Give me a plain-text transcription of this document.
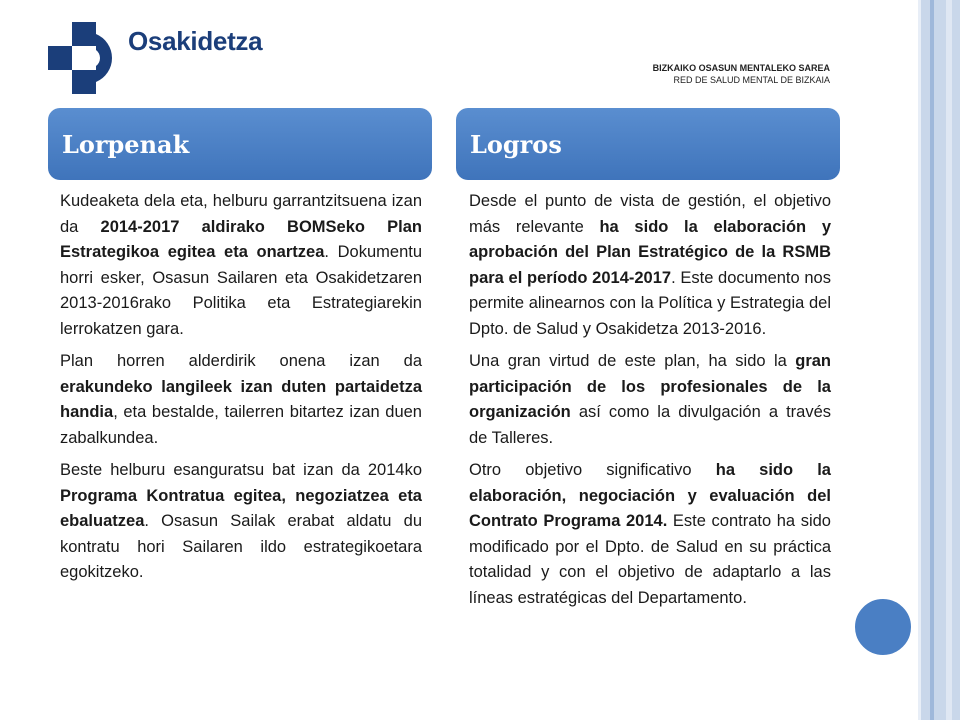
Osakidetza
BIZKAIKO OSASUN MENTALEKO SAREA
RED DE SALUD MENTAL DE BIZKAIA
Lorpenak	Logros

Kudeaketa dela eta, helburu garrantzitsuena izan da 2014-2017 aldirako BOMSeko Plan Estrategikoa egitea eta onartzea. Dokumentu horri esker, Osasun Sailaren eta Osakidetzaren 2013-2016rako Politika eta Estrategiarekin lerrokatzen gara.

Plan horren alderdirik onena izan da erakundeko langileek izan duten partaidetza handia, eta bestalde, tailerren bitartez izan duen zabalkundea.

Beste helburu esanguratsu bat izan da 2014ko Programa Kontratua egitea, negoziatzea eta ebaluatzea. Osasun Sailak erabat aldatu du kontratu hori Sailaren ildo estrategikoetara egokitzeko.

Desde el punto de vista de gestión, el objetivo más relevante ha sido la elaboración y aprobación del Plan Estratégico de la RSMB para el período 2014-2017. Este documento nos permite alinearnos con la Política y Estrategia del Dpto. de Salud y Osakidetza 2013-2016.

Una gran virtud de este plan, ha sido la gran participación de los profesionales de la organización así como la divulgación a través de Talleres.

Otro objetivo significativo ha sido la elaboración, negociación y evaluación del Contrato Programa 2014. Este contrato ha sido modificado por el Dpto. de Salud en su práctica totalidad y con el objetivo de adaptarlo a las líneas estratégicas del Departamento.
